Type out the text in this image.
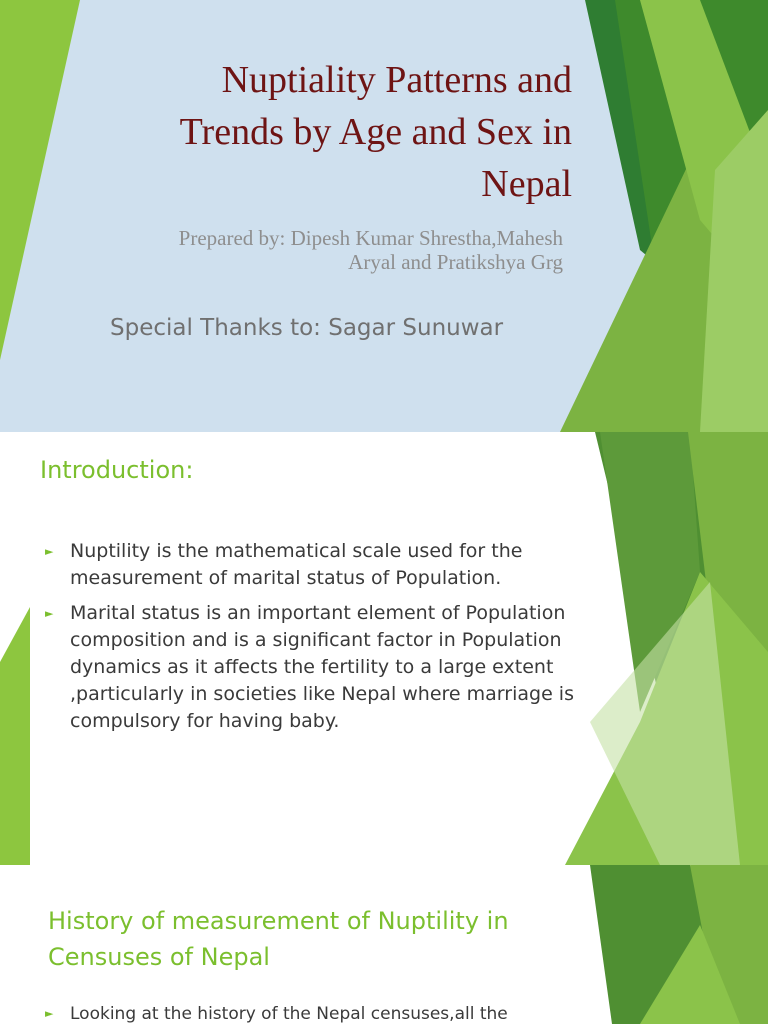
Nuptiality Patterns and
Trends by Age and Sex in
Nepal
Prepared by: Dipesh Kumar Shrestha,Mahesh
Aryal and Pratikshya Grg
Special Thanks to: Sagar Sunuwar
Introduction:
► Nuptility is the mathematical scale used for the measurement of marital status of Population.
► Marital status is an important element of Population composition and is a significant factor in Population dynamics as it affects the fertility to a large extent ,particularly in societies like Nepal where marriage is compulsory for having baby.
History of measurement of Nuptility in Censuses of Nepal
► Looking at the history of the Nepal censuses,all the
